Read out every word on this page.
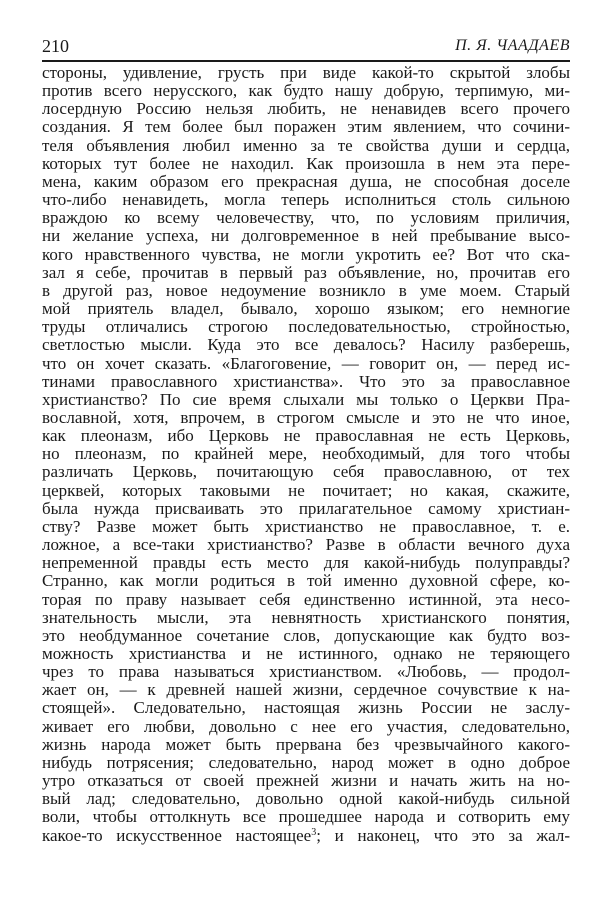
210	П. Я. ЧААДАЕВ
стороны, удивление, грусть при виде какой-то скрытой злобы
против всего нерусского, как будто нашу добрую, терпимую, ми-
лосердную Россию нельзя любить, не ненавидев всего прочего
создания. Я тем более был поражен этим явлением, что сочини-
теля объявления любил именно за те свойства души и сердца,
которых тут более не находил. Как произошла в нем эта пере-
мена, каким образом его прекрасная душа, не способная доселе
что-либо ненавидеть, могла теперь исполниться столь сильною
враждою ко всему человечеству, что, по условиям приличия,
ни желание успеха, ни долговременное в ней пребывание высо-
кого нравственного чувства, не могли укротить ее? Вот что ска-
зал я себе, прочитав в первый раз объявление, но, прочитав его
в другой раз, новое недоумение возникло в уме моем. Старый
мой приятель владел, бывало, хорошо языком; его немногие
труды отличались строгою последовательностью, стройностью,
светлостью мысли. Куда это все девалось? Насилу разберешь,
что он хочет сказать. «Благоговение, — говорит он, — перед ис-
тинами православного христианства». Что это за православное
христианство? По сие время слыхали мы только о Церкви Пра-
вославной, хотя, впрочем, в строгом смысле и это не что иное,
как плеоназм, ибо Церковь не православная не есть Церковь,
но плеоназм, по крайней мере, необходимый, для того чтобы
различать Церковь, почитающую себя православною, от тех
церквей, которых таковыми не почитает; но какая, скажите,
была нужда присваивать это прилагательное самому христиан-
ству? Разве может быть христианство не православное, т. е.
ложное, а все-таки христианство? Разве в области вечного духа
непременной правды есть место для какой-нибудь полуправды?
Странно, как могли родиться в той именно духовной сфере, ко-
торая по праву называет себя единственно истинной, эта несо-
знательность мысли, эта невнятность христианского понятия,
это необдуманное сочетание слов, допускающие как будто воз-
можность христианства и не истинного, однако не теряющего
чрез то права называться христианством. «Любовь, — продол-
жает он, — к древней нашей жизни, сердечное сочувствие к на-
стоящей». Следовательно, настоящая жизнь России не заслу-
живает его любви, довольно с нее его участия, следовательно,
жизнь народа может быть прервана без чрезвычайного какого-
нибудь потрясения; следовательно, народ может в одно доброе
утро отказаться от своей прежней жизни и начать жить на но-
вый лад; следовательно, довольно одной какой-нибудь сильной
воли, чтобы оттолкнуть все прошедшее народа и сотворить ему
какое-то искусственное настоящее$^3$; и наконец, что это за жал-
